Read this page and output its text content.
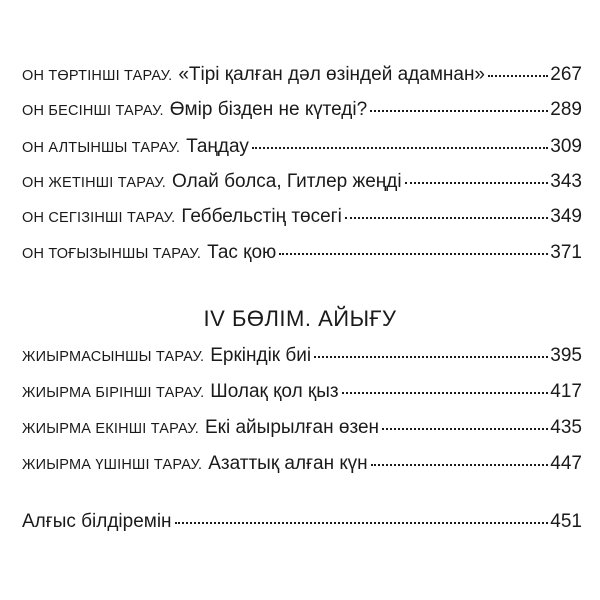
ОН ТӨРТІНШІ ТАРАУ. «Тірі қалған дәл өзіндей адамнан»	267
ОН БЕСІНШІ ТАРАУ. Өмір бізден не күтеді?	289
ОН АЛТЫНШЫ ТАРАУ. Таңдау	309
ОН ЖЕТІНШІ ТАРАУ. Олай болса, Гитлер жеңді	343
ОН СЕГІЗІНШІ ТАРАУ. Геббельстің төсегі	349
ОН ТОҒЫЗЫНШЫ ТАРАУ. Тас қою	371
IV БӨЛІМ. АЙЫҒУ
ЖИЫРМАСЫНШЫ ТАРАУ. Еркіндік биі	395
ЖИЫРМА БІРІНШІ ТАРАУ. Шолақ қол қыз	417
ЖИЫРМА ЕКІНШІ ТАРАУ. Екі айырылған өзен	435
ЖИЫРМА ҮШІНШІ ТАРАУ. Азаттық алған күн	447
Алғыс білдіремін	451
